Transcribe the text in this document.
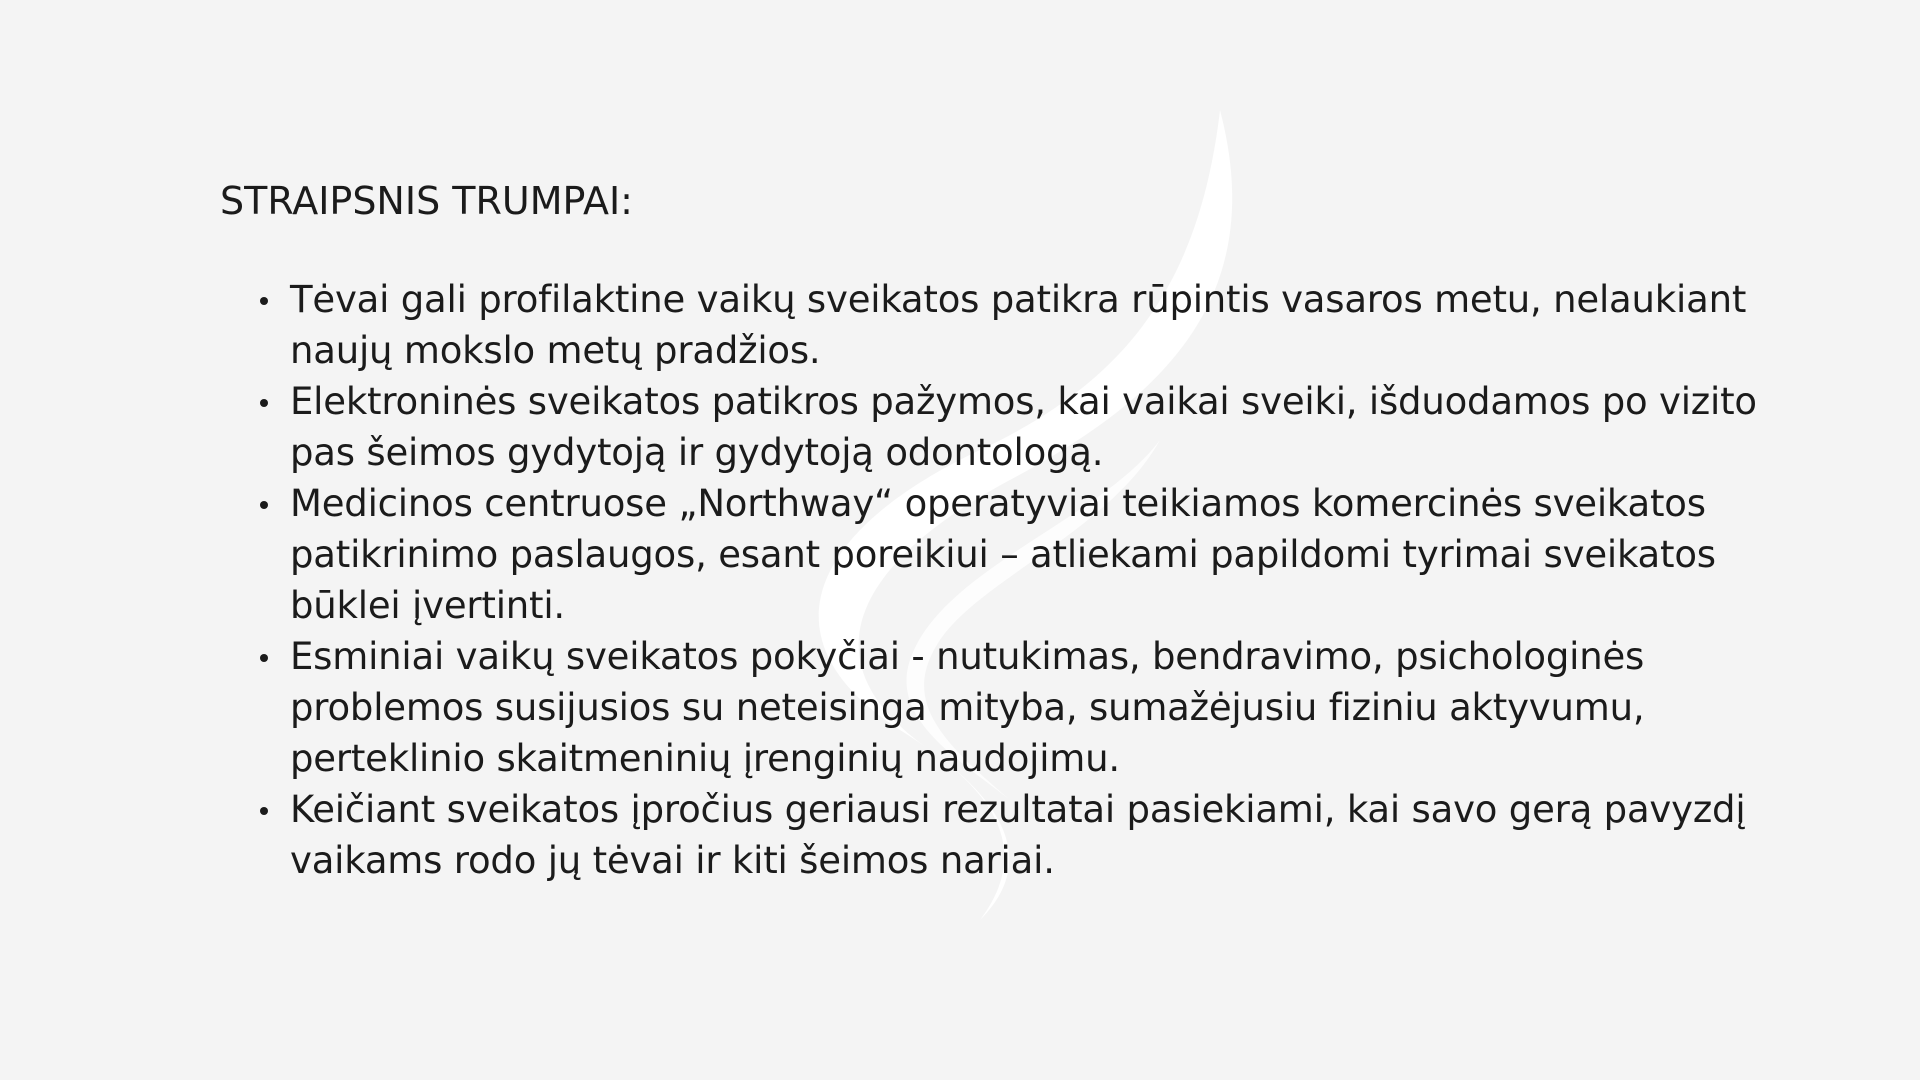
STRAIPSNIS TRUMPAI:
Tėvai gali profilaktine vaikų sveikatos patikra rūpintis vasaros metu, nelaukiant naujų mokslo metų pradžios.
Elektroninės sveikatos patikros pažymos, kai vaikai sveiki, išduodamos po vizito pas šeimos gydytoją ir gydytoją odontologą.
Medicinos centruose „Northway“ operatyviai teikiamos komercinės sveikatos patikrinimo paslaugos, esant poreikiui – atliekami papildomi tyrimai sveikatos būklei įvertinti.
Esminiai vaikų sveikatos pokyčiai - nutukimas, bendravimo, psichologinės problemos susijusios su neteisinga mityba, sumažėjusiu fiziniu aktyvumu, perteklinio skaitmeninių įrenginių naudojimu.
Keičiant sveikatos įpročius geriausi rezultatai pasiekiami, kai savo gerą pavyzdį vaikams rodo jų tėvai ir kiti šeimos nariai.
